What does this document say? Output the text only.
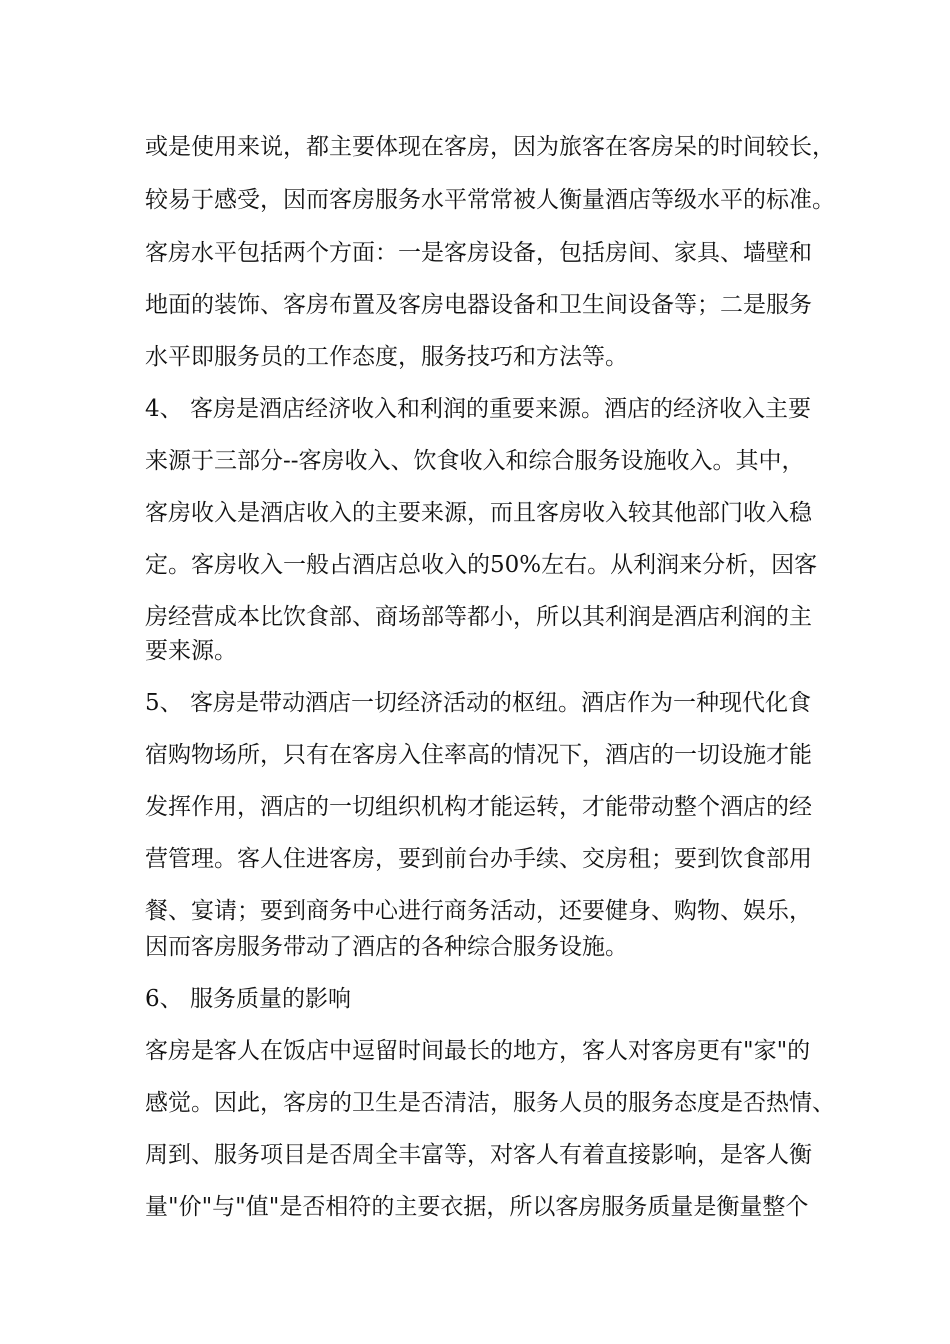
或是使用来说，都主要体现在客房，因为旅客在客房呆的时间较长，
较易于感受，因而客房服务水平常常被人衡量酒店等级水平的标准。
客房水平包括两个方面：一是客房设备，包括房间、家具、墙壁和
地面的装饰、客房布置及客房电器设备和卫生间设备等；二是服务
水平即服务员的工作态度，服务技巧和方法等。
4、 客房是酒店经济收入和利润的重要来源。酒店的经济收入主要
来源于三部分--客房收入、饮食收入和综合服务设施收入。其中，
客房收入是酒店收入的主要来源，而且客房收入较其他部门收入稳
定。客房收入一般占酒店总收入的50%左右。从利润来分析，因客
房经营成本比饮食部、商场部等都小，所以其利润是酒店利润的主
要来源。
5、 客房是带动酒店一切经济活动的枢纽。酒店作为一种现代化食
宿购物场所，只有在客房入住率高的情况下，酒店的一切设施才能
发挥作用，酒店的一切组织机构才能运转，才能带动整个酒店的经
营管理。客人住进客房，要到前台办手续、交房租；要到饮食部用
餐、宴请；要到商务中心进行商务活动，还要健身、购物、娱乐，
因而客房服务带动了酒店的各种综合服务设施。
6、 服务质量的影响
客房是客人在饭店中逗留时间最长的地方，客人对客房更有"家"的
感觉。因此，客房的卫生是否清洁，服务人员的服务态度是否热情、
周到、服务项目是否周全丰富等，对客人有着直接影响，是客人衡
量"价"与"值"是否相符的主要衣据，所以客房服务质量是衡量整个
